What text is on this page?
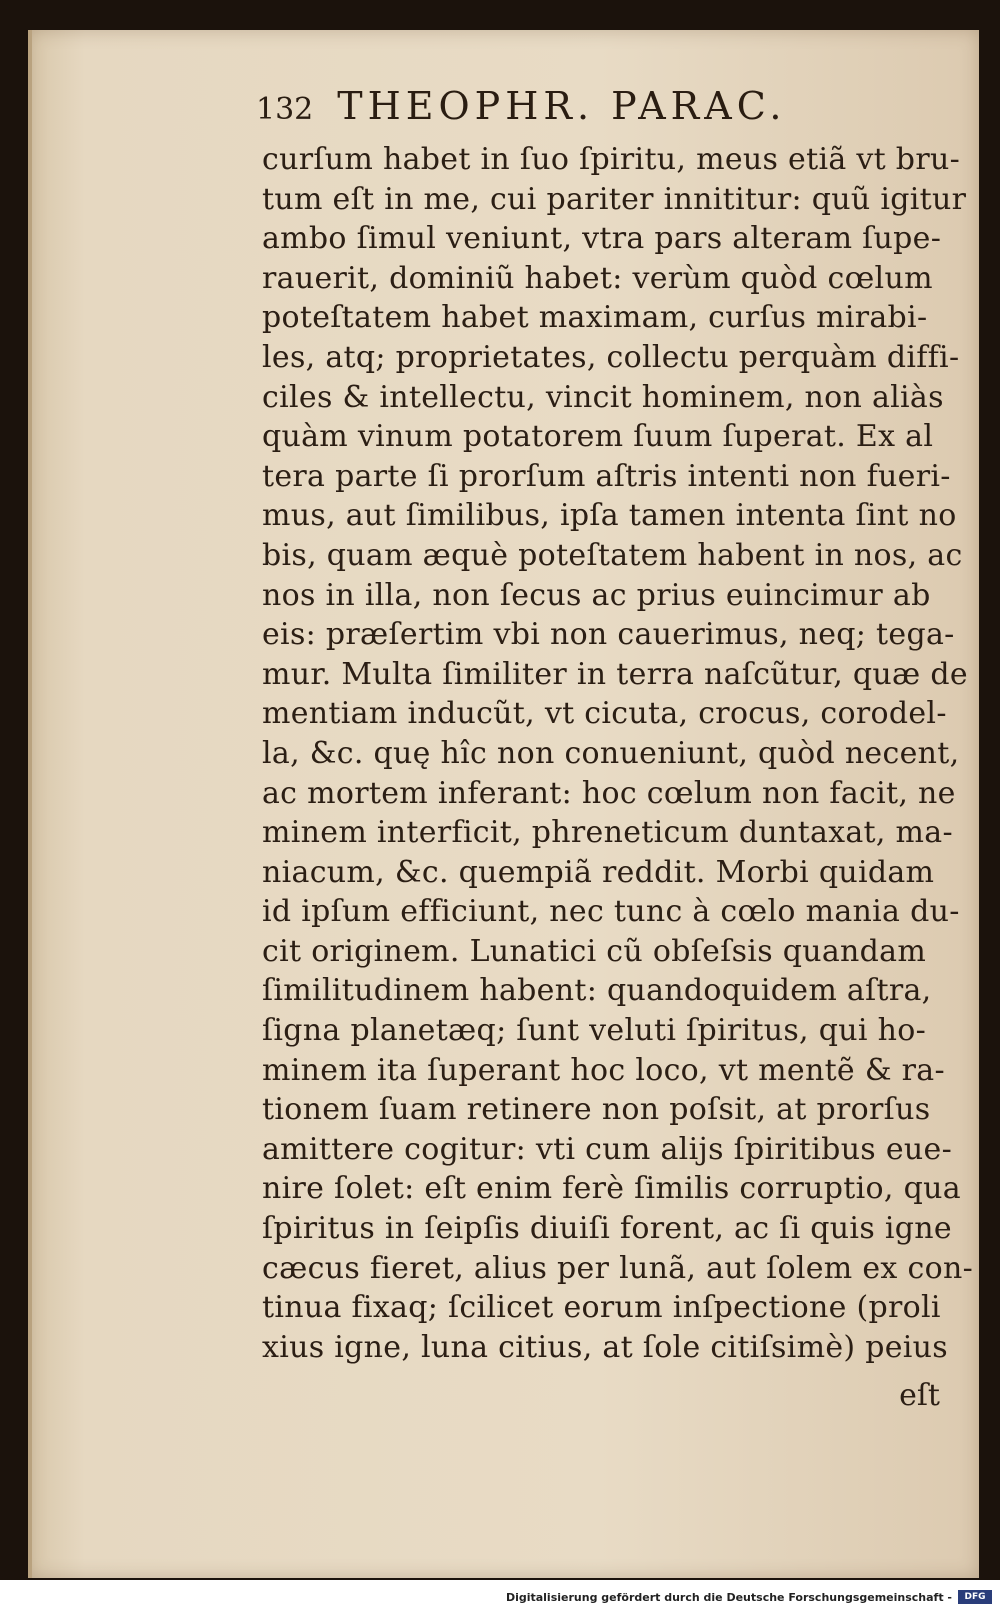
132 THEOPHR. PARAC.
curſum habet in ſuo ſpiritu, meus etiã vt bru-
tum eſt in me, cui pariter innititur: quũ igitur
ambo ſimul veniunt, vtra pars alteram ſupe-
rauerit, dominiũ habet: verùm quòd cœlum
poteſtatem habet maximam, curſus mirabi-
les, atq; proprietates, collectu perquàm diffi-
ciles & intellectu, vincit hominem, non aliàs
quàm vinum potatorem ſuum ſuperat. Ex al
tera parte ſi prorſum aſtris intenti non fueri-
mus, aut ſimilibus, ipſa tamen intenta ſint no
bis, quam æquè poteſtatem habent in nos, ac
nos in illa, non ſecus ac prius euincimur ab
eis: præſertim vbi non cauerimus, neq; tega-
mur. Multa ſimiliter in terra naſcũtur, quæ de
mentiam inducũt, vt cicuta, crocus, corodel-
la, &c. quę hîc non conueniunt, quòd necent,
ac mortem inferant: hoc cœlum non facit, ne
minem interficit, phreneticum duntaxat, ma-
niacum, &c. quempiã reddit. Morbi quidam
id ipſum efficiunt, nec tunc à cœlo mania du-
cit originem. Lunatici cũ obſeſsis quandam
ſimilitudinem habent: quandoquidem aſtra,
ſigna planetæq; ſunt veluti ſpiritus, qui ho-
minem ita ſuperant hoc loco, vt mentẽ & ra-
tionem ſuam retinere non poſsit, at prorſus
amittere cogitur: vti cum alijs ſpiritibus eue-
nire ſolet: eſt enim ferè ſimilis corruptio, qua
ſpiritus in ſeipſis diuiſi forent, ac ſi quis igne
cæcus fieret, alius per lunã, aut ſolem ex con-
tinua fixaq; ſcilicet eorum inſpectione (proli
xius igne, luna citius, at ſole citiſsimè) peius
eſt
Digitalisierung gefördert durch die Deutsche Forschungsgemeinschaft -	DFG
